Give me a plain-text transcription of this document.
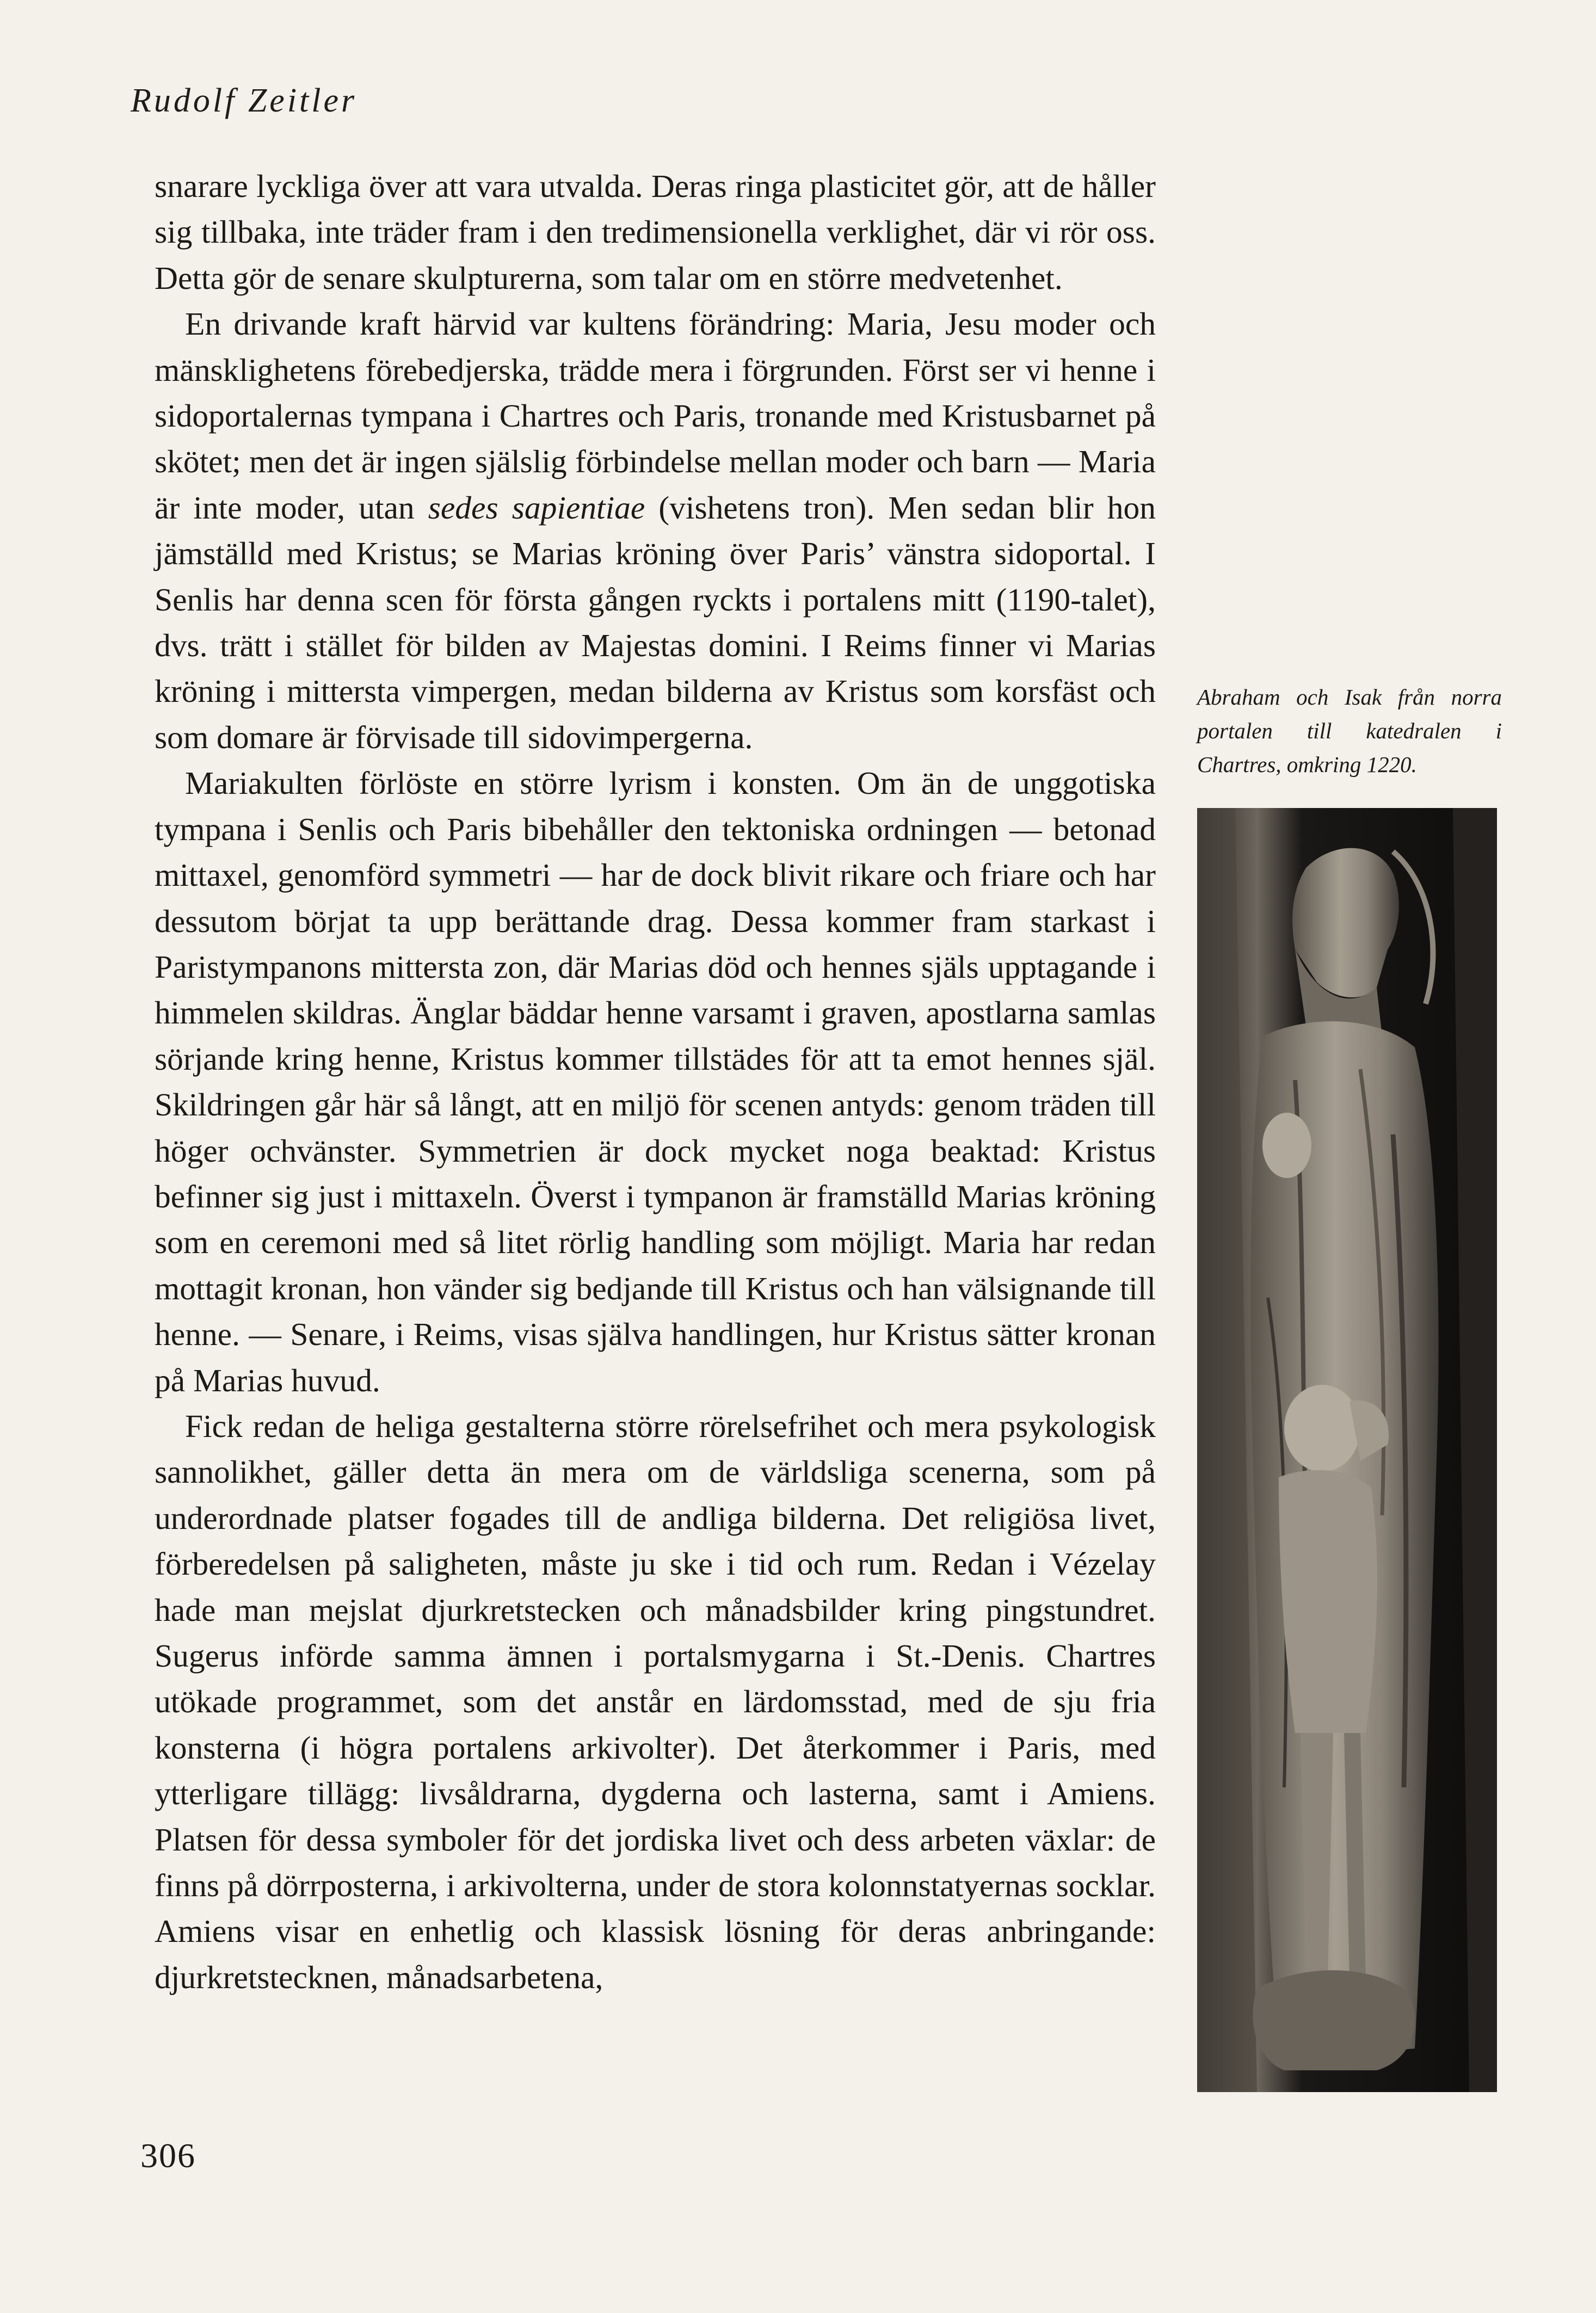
Rudolf Zeitler

snarare lyckliga över att vara utvalda. Deras ringa plasticitet gör, att de håller sig tillbaka, inte träder fram i den tredimensionella verklighet, där vi rör oss. Detta gör de senare skulpturerna, som talar om en större medvetenhet.

En drivande kraft härvid var kultens förändring: Maria, Jesu moder och mänsklighetens förebedjerska, trädde mera i förgrunden. Först ser vi henne i sidoportalernas tympana i Chartres och Paris, tronande med Kristusbarnet på skötet; men det är ingen själslig förbindelse mellan moder och barn — Maria är inte moder, utan sedes sapientiae (vishetens tron). Men sedan blir hon jämställd med Kristus; se Marias kröning över Paris’ vänstra sidoportal. I Senlis har denna scen för första gången ryckts i portalens mitt (1190-talet), dvs. trätt i stället för bilden av Majestas domini. I Reims finner vi Marias kröning i mittersta vimpergen, medan bilderna av Kristus som korsfäst och som domare är förvisade till sidovimpergerna.

Mariakulten förlöste en större lyrism i konsten. Om än de unggotiska tympana i Senlis och Paris bibehåller den tektoniska ordningen — betonad mittaxel, genomförd symmetri — har de dock blivit rikare och friare och har dessutom börjat ta upp berättande drag. Dessa kommer fram starkast i Paristympanons mittersta zon, där Marias död och hennes själs upptagande i himmelen skildras. Änglar bäddar henne varsamt i graven, apostlarna samlas sörjande kring henne, Kristus kommer tillstädes för att ta emot hennes själ. Skildringen går här så långt, att en miljö för scenen antyds: genom träden till höger ochvänster. Symmetrien är dock mycket noga beaktad: Kristus befinner sig just i mittaxeln. Överst i tympanon är framställd Marias kröning som en ceremoni med så litet rörlig handling som möjligt. Maria har redan mottagit kronan, hon vänder sig bedjande till Kristus och han välsignande till henne. — Senare, i Reims, visas själva handlingen, hur Kristus sätter kronan på Marias huvud.

Fick redan de heliga gestalterna större rörelsefrihet och mera psykologisk sannolikhet, gäller detta än mera om de världsliga scenerna, som på underordnade platser fogades till de andliga bilderna. Det religiösa livet, förberedelsen på saligheten, måste ju ske i tid och rum. Redan i Vézelay hade man mejslat djurkretstecken och månadsbilder kring pingstundret. Sugerus införde samma ämnen i portalsmygarna i St.-Denis. Chartres utökade programmet, som det anstår en lärdomsstad, med de sju fria konsterna (i högra portalens arkivolter). Det återkommer i Paris, med ytterligare tillägg: livsåldrarna, dygderna och lasterna, samt i Amiens. Platsen för dessa symboler för det jordiska livet och dess arbeten växlar: de finns på dörrposterna, i arkivolterna, under de stora kolonnstatyernas socklar. Amiens visar en enhetlig och klassisk lösning för deras anbringande: djurkretstecknen, månadsarbetena,

Abraham och Isak från norra portalen till katedralen i Chartres, omkring 1220.
306
